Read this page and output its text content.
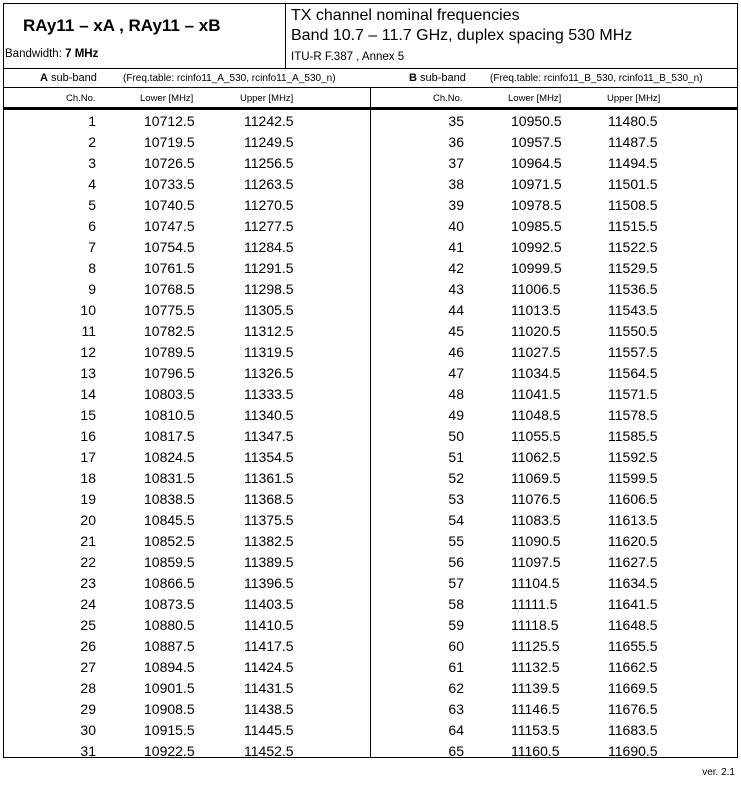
RAy11 – xA , RAy11 – xB
Bandwidth: 7 MHz
TX channel nominal frequencies
Band 10.7 – 11.7 GHz, duplex spacing 530 MHz
ITU-R F.387 , Annex 5
A sub-band	(Freq.table: rcinfo11_A_530, rcinfo11_A_530_n)	B sub-band (Freq.table: rcinfo11_B_530, rcinfo11_B_530_n)
Ch.No.	Lower [MHz]	Upper [MHz]	Ch.No.	Lower [MHz]	Upper [MHz]
1	10712.5	11242.5	35	10950.5	11480.5
2	10719.5	11249.5	36	10957.5	11487.5
3	10726.5	11256.5	37	10964.5	11494.5
4	10733.5	11263.5	38	10971.5	11501.5
5	10740.5	11270.5	39	10978.5	11508.5
6	10747.5	11277.5	40	10985.5	11515.5
7	10754.5	11284.5	41	10992.5	11522.5
8	10761.5	11291.5	42	10999.5	11529.5
9	10768.5	11298.5	43	11006.5	11536.5
10	10775.5	11305.5	44	11013.5	11543.5
11	10782.5	11312.5	45	11020.5	11550.5
12	10789.5	11319.5	46	11027.5	11557.5
13	10796.5	11326.5	47	11034.5	11564.5
14	10803.5	11333.5	48	11041.5	11571.5
15	10810.5	11340.5	49	11048.5	11578.5
16	10817.5	11347.5	50	11055.5	11585.5
17	10824.5	11354.5	51	11062.5	11592.5
18	10831.5	11361.5	52	11069.5	11599.5
19	10838.5	11368.5	53	11076.5	11606.5
20	10845.5	11375.5	54	11083.5	11613.5
21	10852.5	11382.5	55	11090.5	11620.5
22	10859.5	11389.5	56	11097.5	11627.5
23	10866.5	11396.5	57	11104.5	11634.5
24	10873.5	11403.5	58	11111.5	11641.5
25	10880.5	11410.5	59	11118.5	11648.5
26	10887.5	11417.5	60	11125.5	11655.5
27	10894.5	11424.5	61	11132.5	11662.5
28	10901.5	11431.5	62	11139.5	11669.5
29	10908.5	11438.5	63	11146.5	11676.5
30	10915.5	11445.5	64	11153.5	11683.5
31	10922.5	11452.5	65	11160.5	11690.5
ver. 2.1
